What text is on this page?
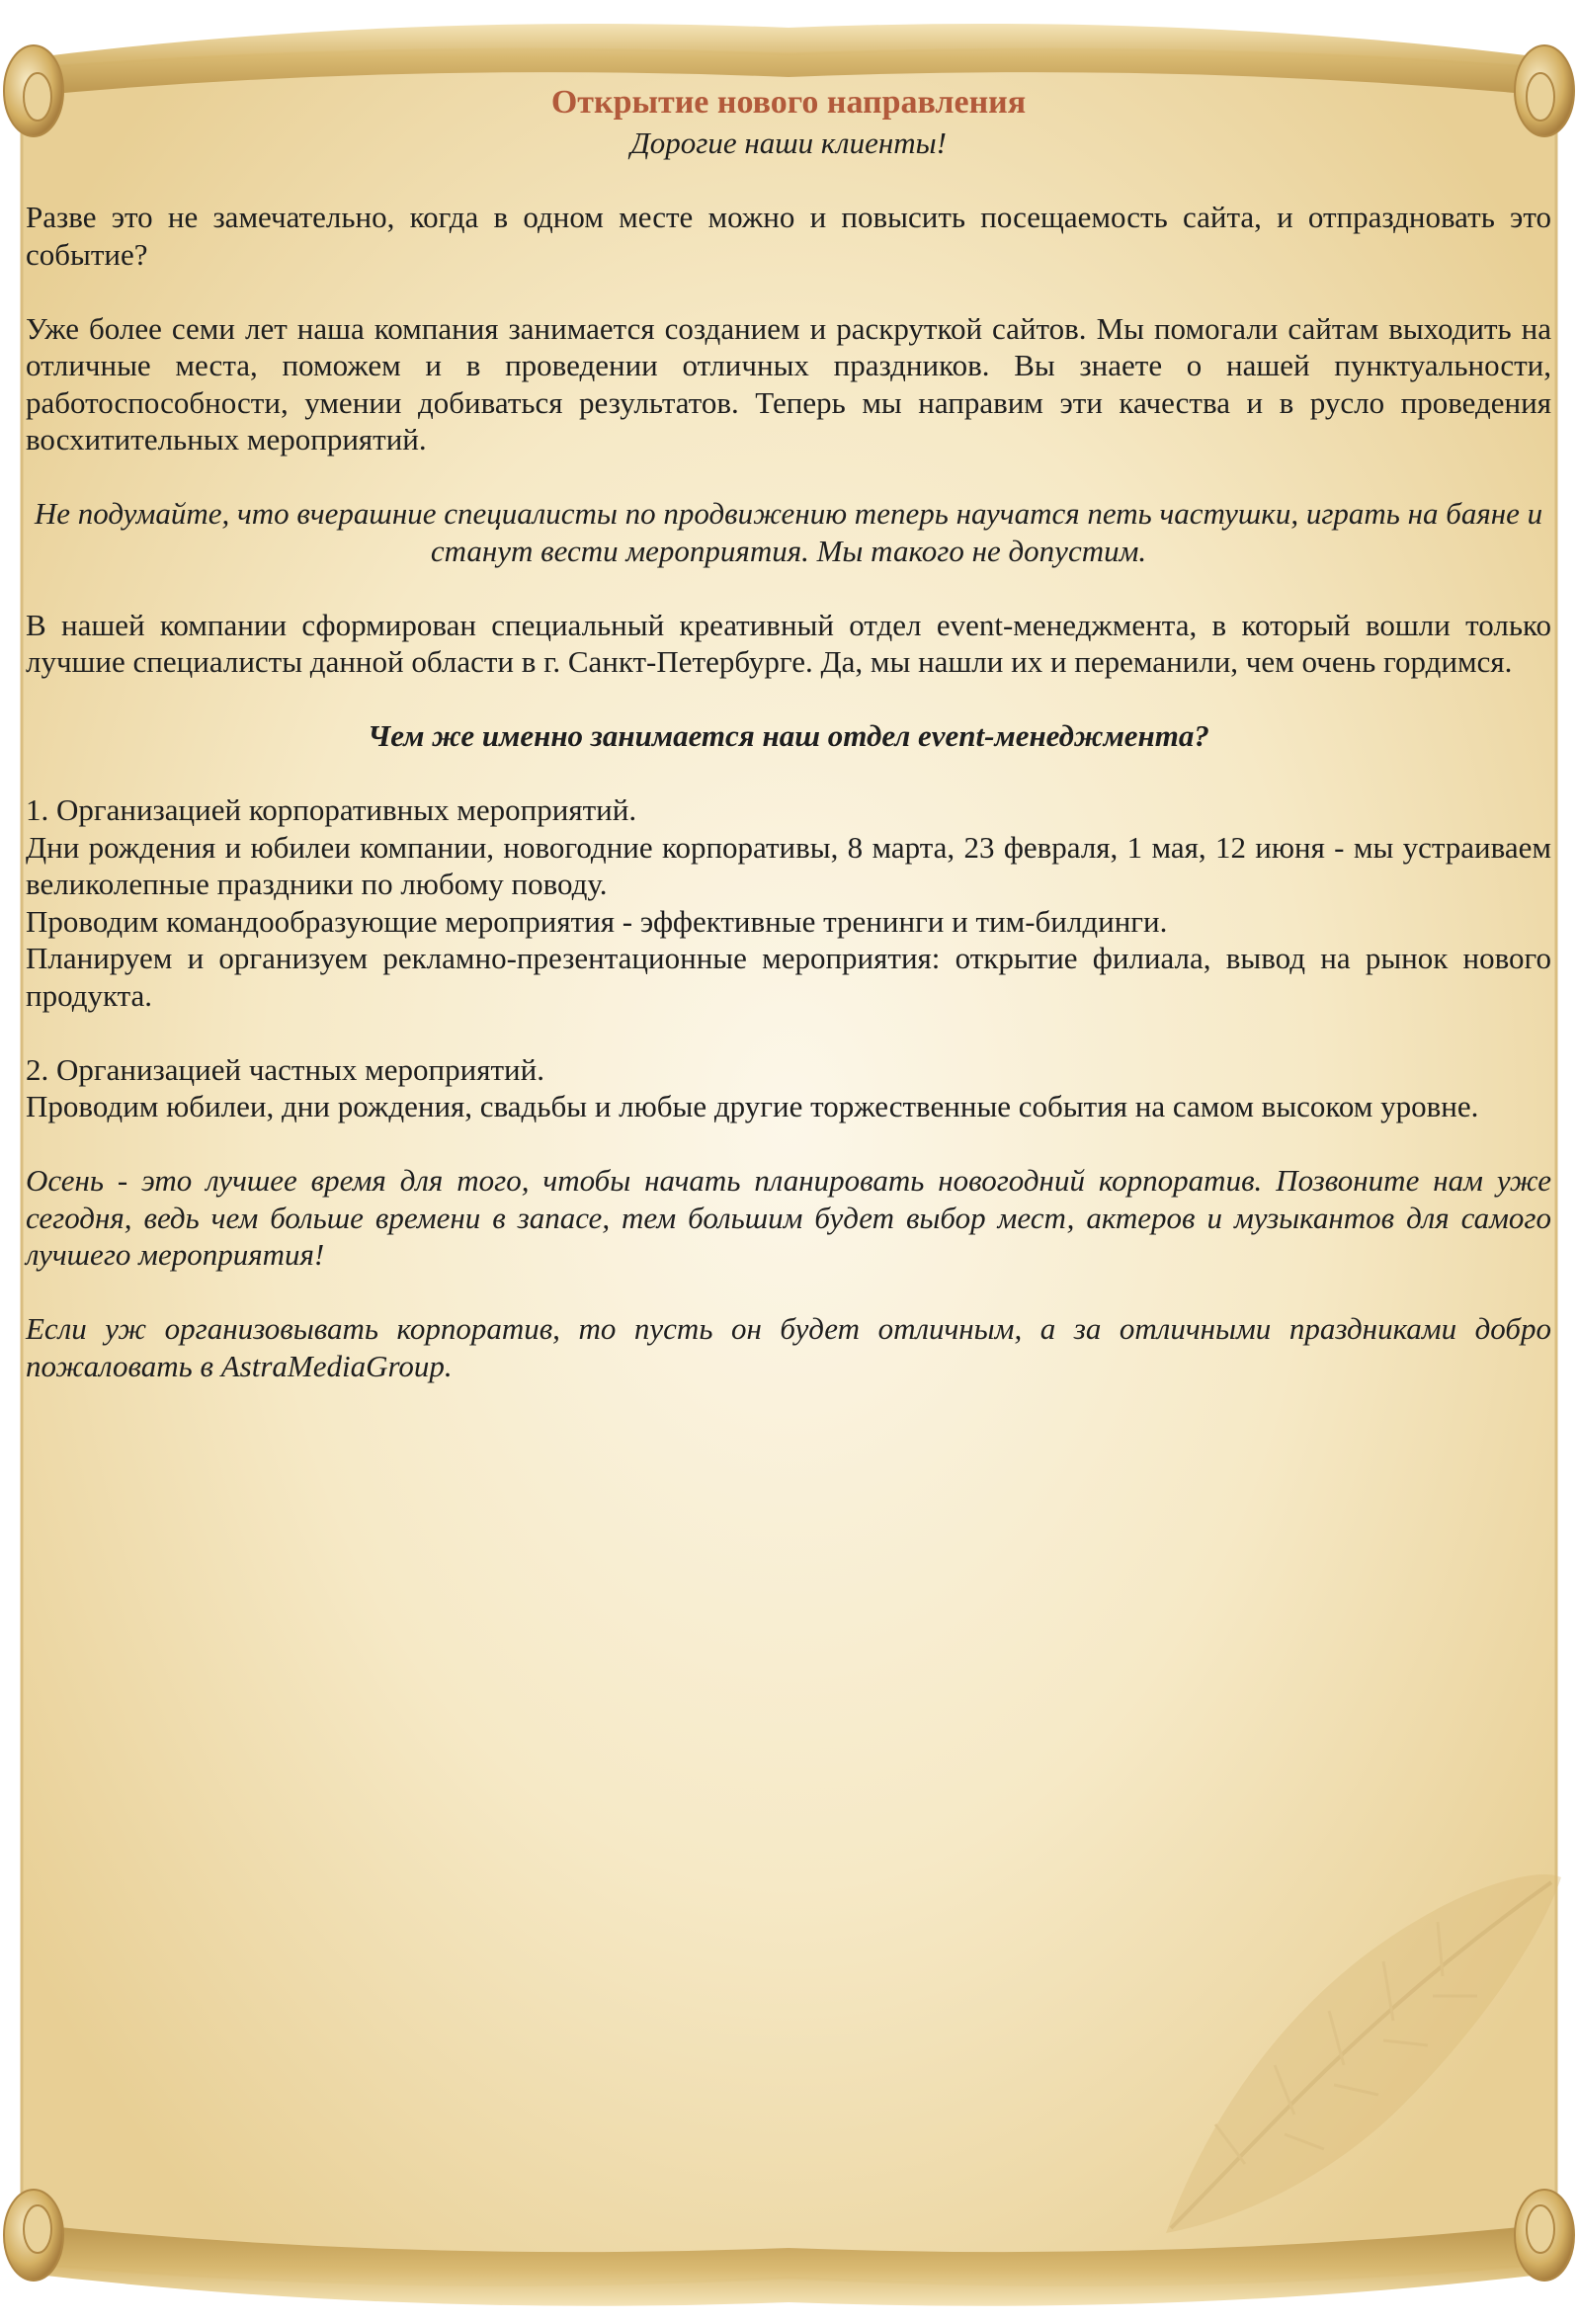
Открытие нового направления

Дорогие наши клиенты!

Разве это не замечательно, когда в одном месте можно и повысить посещаемость сайта, и отпраздновать это событие?

Уже более семи лет наша компания занимается созданием и раскруткой сайтов. Мы помогали сайтам выходить на отличные места, поможем и в проведении отличных праздников. Вы знаете о нашей пунктуальности, работоспособности, умении добиваться результатов. Теперь мы направим эти качества и в русло проведения восхитительных мероприятий.

Не подумайте, что вчерашние специалисты по продвижению теперь научатся петь частушки, играть на баяне и станут вести мероприятия. Мы такого не допустим.

В нашей компании сформирован специальный креативный отдел event-менеджмента, в который вошли только лучшие специалисты данной области в г. Санкт-Петербурге. Да, мы нашли их и переманили, чем очень гордимся.

Чем же именно занимается наш отдел event-менеджмента?

1. Организацией корпоративных мероприятий.

Дни рождения и юбилеи компании, новогодние корпоративы, 8 марта, 23 февраля, 1 мая, 12 июня - мы устраиваем великолепные праздники по любому поводу.

Проводим командообразующие мероприятия - эффективные тренинги и тим-билдинги.

Планируем и организуем рекламно-презентационные мероприятия: открытие филиала, вывод на рынок нового продукта.

2. Организацией частных мероприятий.

Проводим юбилеи, дни рождения, свадьбы и любые другие торжественные события на самом высоком уровне.

Осень - это лучшее время для того, чтобы начать планировать новогодний корпоратив. Позвоните нам уже сегодня, ведь чем больше времени в запасе, тем большим будет выбор мест, актеров и музыкантов для самого лучшего мероприятия!

Если уж организовывать корпоратив, то пусть он будет отличным, а за отличными праздниками добро пожаловать в AstraMediaGroup.
